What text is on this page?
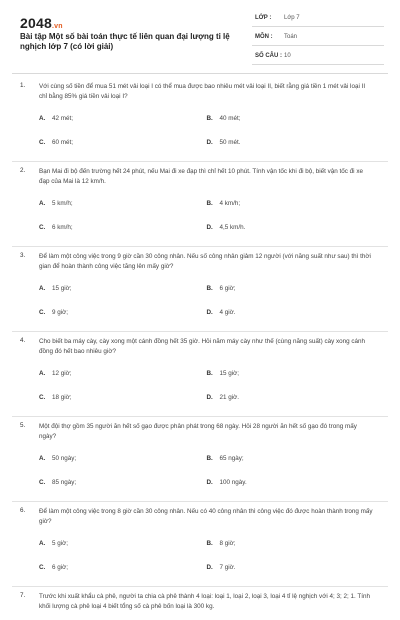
2048.vn
Bài tập Một số bài toán thực tế liên quan đại lượng tỉ lệ nghịch lớp 7 (có lời giải)
LỚP : Lớp 7
MÔN : Toán
SỐ CÂU : 10
1. Với cùng số tiền để mua 51 mét vải loại I có thể mua được bao nhiêu mét vải loại II, biết rằng giá tiền 1 mét vải loại II chỉ bằng 85% giá tiền vải loại I?
A. 42 mét;	B. 40 mét;
C. 60 mét;	D. 50 mét.
2. Bạn Mai đi bộ đến trường hết 24 phút, nếu Mai đi xe đạp thì chỉ hết 10 phút. Tính vận tốc khi đi bộ, biết vận tốc đi xe đạp của Mai là 12 km/h.
A. 5 km/h;	B. 4 km/h;
C. 6 km/h;	D. 4,5 km/h.
3. Để làm một công việc trong 9 giờ cần 30 công nhân. Nếu số công nhân giảm 12 người (với năng suất như sau) thì thời gian để hoàn thành công việc tăng lên mấy giờ?
A. 15 giờ;	B. 6 giờ;
C. 9 giờ;	D. 4 giờ.
4. Cho biết ba máy cày, cày xong một cánh đồng hết 35 giờ. Hỏi năm máy cày như thế (cùng năng suất) cày xong cánh đồng đó hết bao nhiêu giờ?
A. 12 giờ;	B. 15 giờ;
C. 18 giờ;	D. 21 giờ.
5. Một đội thợ gồm 35 người ăn hết số gạo được phân phát trong 68 ngày. Hỏi 28 người ăn hết số gạo đó trong mấy ngày?
A. 50 ngày;	B. 65 ngày;
C. 85 ngày;	D. 100 ngày.
6. Để làm một công việc trong 8 giờ cần 30 công nhân. Nếu có 40 công nhân thì công việc đó được hoàn thành trong mấy giờ?
A. 5 giờ;	B. 8 giờ;
C. 6 giờ;	D. 7 giờ.
7. Trước khi xuất khẩu cà phê, người ta chia cà phê thành 4 loại: loại 1, loại 2, loại 3, loại 4 tỉ lệ nghịch với 4; 3; 2; 1. Tính khối lượng cà phê loại 4 biết tổng số cà phê bốn loại là 300 kg.
